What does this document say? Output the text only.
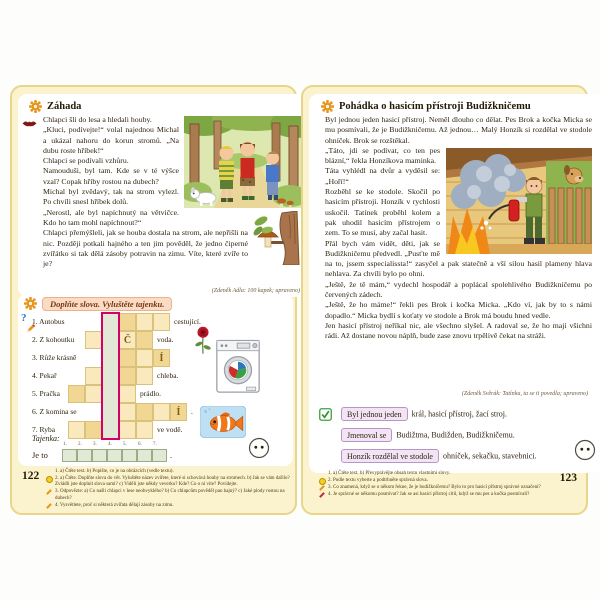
Záhada

Chlapci šli do lesa a hledali houby.

„Kluci, podívejte!“ volal najednou Michal a ukázal nahoru do korun stromů. „Na dubu roste hříbek!“

Chlapci se podívali vzhůru.

Namouduši, byl tam. Kde se v té výšce vzal? Copak hříby rostou na dubech?

Michal byl zvědavý, tak na strom vylezl. Po chvíli snesl hříbek dolů.

„Nerostl, ale byl napíchnutý na větvičce. Kdo ho tam mohl napíchnout?“

Chlapci přemýšleli, jak se houba dostala na strom, ale nepřišli na nic. Později potkali hajného a ten jim pověděl, že jedno čiperné zvířátko si tak dělá zásoby potravin na zimu. Víte, které zvíře to je?

(Zdeněk Adla: 100 kapek; upraveno)
Doplňte slova. Vyluštěte tajenku.
? 1. Autobus	cestující.
2. Z kohoutku	Č	voda.
3. Růže krásně	Í
4. Pekař	chleba.
5. Pračka	prádlo.
6. Z komina se	Í .
7. Ryba	ve vodě.
Tajenka:
Je to
1. 2. 3. 4. 5. 6. 7.
.
122	1. a) Čtěte text. b) Popište, co je na obrázcích (vedle textu).
2. a) Čtěte. Doplňte slova do vět. Vyluštěte název zvířete, které si schovává houby na stromech. b) Jak se vám dařilo? Zvládli jste doplnit slova sami? c) Viděli jste někdy veverku? Kde? Co o ní víte? Povídejte.
3. Odpovězte: a) Co našli chlapci v lese neobvyklého? b) Co chlapcům pověděl pan hajný? c) Jaké plody rostou na dubech?
4. Vysvětlete, proč si některá zvířata dělají zásoby na zimu.
Pohádka o hasicím přístroji Budižkničemu

Byl jednou jeden hasicí přístroj. Neměl dlouho co dělat. Pes Brok a kočka Micka se mu posmívali, že je Budižkničemu. Až jednou… Malý Honzík si rozdělal ve stodole ohníček. Brok se rozštěkal.

„Táto, jdi se podívat, co ten pes blázní,“ řekla Honzíkova maminka.

Táta vyhlédl na dvůr a vyděsil se: „Hoří!“

Rozběhl se ke stodole. Skočil po hasicím přístroji. Honzík v rychlosti uskočil. Tatínek proběhl kolem a pak uhodil hasicím přístrojem o zem. To se musí, aby začal hasit.

Přál bych vám vidět, děti, jak se Budižkničemu předvedl. „Pusťte mě na to, jssem sspecialissta!“ zasyčel a pak statečně a vší silou hasil plameny hlava nehlava. Za chvíli bylo po ohni.

„Ještě, že tě mám,“ vydechl hospodář a poplácal spolehlivého Budižkničemu po červených zádech.

„Ještě, že ho máme!“ řekli pes Brok i kočka Micka. „Kdo ví, jak by to s námi dopadlo.“ Micka bydlí s koťaty ve stodole a Brok má boudu hned vedle.

Jen hasicí přístroj neříkal nic, ale všechno slyšel. A radoval se, že ho mají všichni rádi. Až dostane novou náplň, bude zase znovu trpělivě čekat na stráži.

(Zdeněk Svěrák: Tatínku, ta se ti povedla; upraveno)
Byl jednou jeden král, hasicí přístroj, žací stroj.
Jmenoval se Budižtma, Budižden, Budižkničemu.
Honzík rozdělal ve stodole ohníček, sekačku, stavebnici.
1. a) Čtěte text. b) Převyprávějte obsah textu vlastními slovy.
2. Podle textu vyberte a podtrhněte správná slova.
3. Co znamená, když se o někom řekne, že je budižkničemu? Bylo to pro hasicí přístroj správné označení?
4. Je správné se někomu posmívat? Jak se asi hasicí přístroj cítil, když se mu pes a kočka posmívali?
123
